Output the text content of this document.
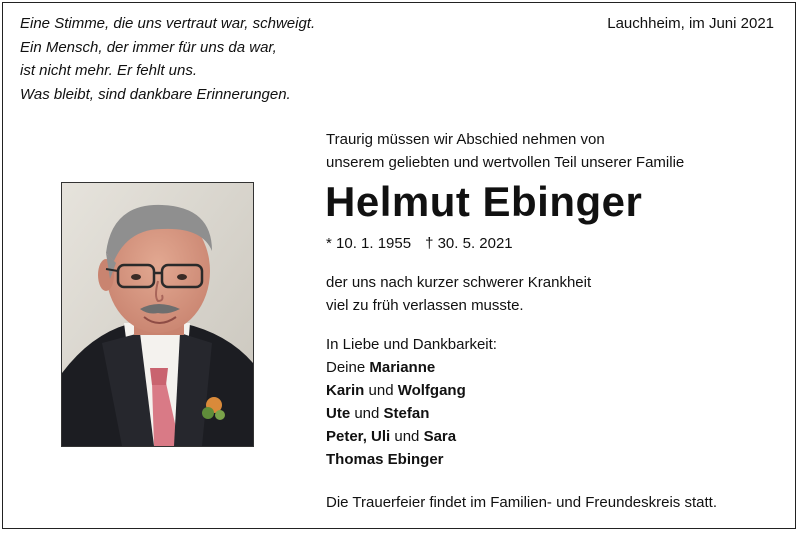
Eine Stimme, die uns vertraut war, schweigt.
Ein Mensch, der immer für uns da war,
ist nicht mehr. Er fehlt uns.
Was bleibt, sind dankbare Erinnerungen.
Lauchheim, im Juni 2021
Traurig müssen wir Abschied nehmen von
unserem geliebten und wertvollen Teil unserer Familie
Helmut Ebinger
* 10. 1. 1955 † 30. 5. 2021
der uns nach kurzer schwerer Krankheit
viel zu früh verlassen musste.
In Liebe und Dankbarkeit:
Deine Marianne
Karin und Wolfgang
Ute und Stefan
Peter, Uli und Sara
Thomas Ebinger
Die Trauerfeier findet im Familien- und Freundeskreis statt.
